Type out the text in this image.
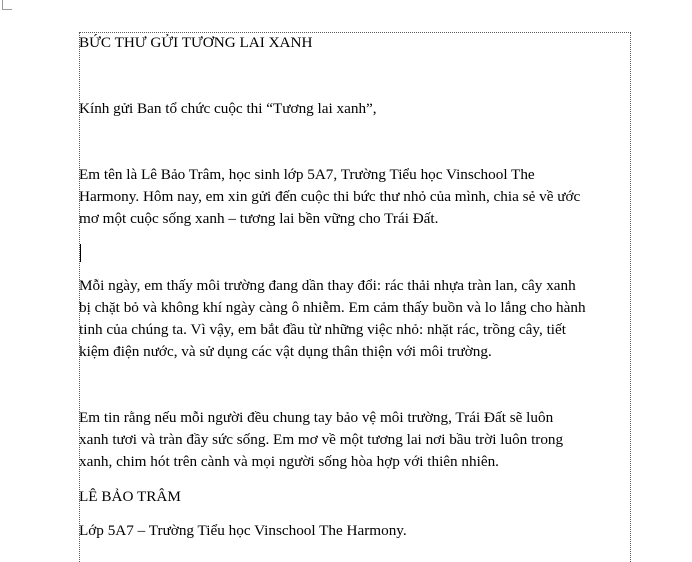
BỨC THƯ GỬI TƯƠNG LAI XANH
Kính gửi Ban tổ chức cuộc thi “Tương lai xanh”,
Em tên là Lê Bảo Trâm, học sinh lớp 5A7, Trường Tiểu học Vinschool The
Harmony. Hôm nay, em xin gửi đến cuộc thi bức thư nhỏ của mình, chia sẻ về ước
mơ một cuộc sống xanh – tương lai bền vững cho Trái Đất.
Mỗi ngày, em thấy môi trường đang dần thay đổi: rác thải nhựa tràn lan, cây xanh
bị chặt bỏ và không khí ngày càng ô nhiễm. Em cảm thấy buồn và lo lắng cho hành
tinh của chúng ta. Vì vậy, em bắt đầu từ những việc nhỏ: nhặt rác, trồng cây, tiết
kiệm điện nước, và sử dụng các vật dụng thân thiện với môi trường.
Em tin rằng nếu mỗi người đều chung tay bảo vệ môi trường, Trái Đất sẽ luôn
xanh tươi và tràn đầy sức sống. Em mơ về một tương lai nơi bầu trời luôn trong
xanh, chim hót trên cành và mọi người sống hòa hợp với thiên nhiên.
LÊ BẢO TRÂM
Lớp 5A7 – Trường Tiểu học Vinschool The Harmony.
